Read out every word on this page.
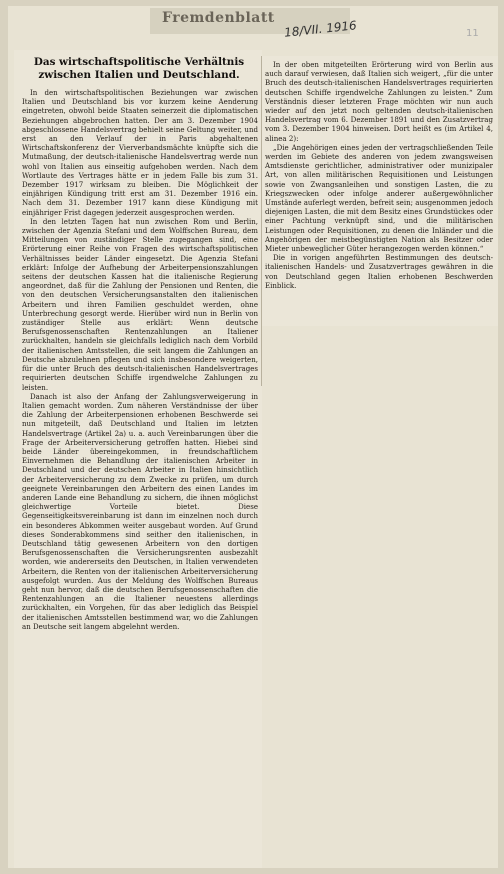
Fremdenblatt
18/VII. 1916	11
Das wirtschaftspolitische Verhältnis zwischen Italien und Deutschland.

In den wirtschaftspolitischen Beziehungen war zwischen Italien und Deutschland bis vor kurzem keine Aenderung eingetreten, obwohl beide Staaten seinerzeit die diplomatischen Beziehungen abgebrochen hatten. Der am 3. Dezember 1904 abgeschlossene Handelsvertrag behielt seine Geltung weiter, und erst an den Verlauf der in Paris abgehaltenen Wirtschaftskonferenz der Vierverbandsmächte knüpfte sich die Mutmaßung, der deutsch-italienische Handelsvertrag werde nun wohl von Italien aus einseitig aufgehoben werden. Nach dem Wortlaute des Vertrages hätte er in jedem Falle bis zum 31. Dezember 1917 wirksam zu bleiben. Die Möglichkeit der einjährigen Kündigung tritt erst am 31. Dezember 1916 ein. Nach dem 31. Dezember 1917 kann diese Kündigung mit einjähriger Frist dagegen jederzeit ausgesprochen werden.

In den letzten Tagen hat nun zwischen Rom und Berlin, zwischen der Agenzia Stefani und dem Wolffschen Bureau, dem Mitteilungen von zuständiger Stelle zugegangen sind, eine Erörterung einer Reihe von Fragen des wirtschaftspolitischen Verhältnisses beider Länder eingesetzt. Die Agenzia Stefani erklärt: Infolge der Aufhebung der Arbeiterpensionszahlungen seitens der deutschen Kassen hat die italienische Regierung angeordnet, daß für die Zahlung der Pensionen und Renten, die von den deutschen Versicherungsanstalten den italienischen Arbeitern und ihren Familien geschuldet werden, ohne Unterbrechung gesorgt werde. Hierüber wird nun in Berlin von zuständiger Stelle aus erklärt: Wenn deutsche Berufsgenossenschaften Rentenzahlungen an Italiener zurückhalten, handeln sie gleichfalls lediglich nach dem Vorbild der italienischen Amtsstellen, die seit langem die Zahlungen an Deutsche abzulehnen pflegen und sich insbesondere weigerten, für die unter Bruch des deutsch-italienischen Handelsvertrages requirierten deutschen Schiffe irgendwelche Zahlungen zu leisten.

Danach ist also der Anfang der Zahlungsverweigerung in Italien gemacht worden. Zum näheren Verständnisse der über die Zahlung der Arbeiterpensionen erhobenen Beschwerde sei nun mitgeteilt, daß Deutschland und Italien im letzten Handelsvertrage (Artikel 2a) u. a. auch Vereinbarungen über die Frage der Arbeiterversicherung getroffen hatten. Hiebei sind beide Länder übereingekommen, in freundschaftlichem Einvernehmen die Behandlung der italienischen Arbeiter in Deutschland und der deutschen Arbeiter in Italien hinsichtlich der Arbeiterversicherung zu dem Zwecke zu prüfen, um durch geeignete Vereinbarungen den Arbeitern des einen Landes im anderen Lande eine Behandlung zu sichern, die ihnen möglichst gleichwertige Vorteile bietet. Diese Gegenseitigkeitsvereinbarung ist dann im einzelnen noch durch ein besonderes Abkommen weiter ausgebaut worden. Auf Grund dieses Sonderabkommens sind seither den italienischen, in Deutschland tätig gewesenen Arbeitern von den dortigen Berufsgenossenschaften die Versicherungsrenten ausbezahlt worden, wie andererseits den Deutschen, in Italien verwendeten Arbeitern, die Renten von der italienischen Arbeiterversicherung ausgefolgt wurden. Aus der Meldung des Wolffschen Bureaus geht nun hervor, daß die deutschen Berufsgenossenschaften die Rentenzahlungen an die Italiener neuestens allerdings zurückhalten, ein Vorgehen, für das aber lediglich das Beispiel der italienischen Amtsstellen bestimmend war, wo die Zahlungen an Deutsche seit langem abgelehnt werden.

In der oben mitgeteilten Erörterung wird von Berlin aus auch darauf verwiesen, daß Italien sich weigert, „für die unter Bruch des deutsch-italienischen Handelsvertrages requirierten deutschen Schiffe irgendwelche Zahlungen zu leisten.“ Zum Verständnis dieser letzteren Frage möchten wir nun auch wieder auf den jetzt noch geltenden deutsch-italienischen Handelsvertrag vom 6. Dezember 1891 und den Zusatzvertrag vom 3. Dezember 1904 hinweisen. Dort heißt es (im Artikel 4, alinea 2):

„Die Angehörigen eines jeden der vertragschließenden Teile werden im Gebiete des anderen von jedem zwangsweisen Amtsdienste gerichtlicher, administrativer oder munizipaler Art, von allen militärischen Requisitionen und Leistungen sowie von Zwangsanleihen und sonstigen Lasten, die zu Kriegszwecken oder infolge anderer außergewöhnlicher Umstände auferlegt werden, befreit sein; ausgenommen jedoch diejenigen Lasten, die mit dem Besitz eines Grundstückes oder einer Pachtung verknüpft sind, und die militärischen Leistungen oder Requisitionen, zu denen die Inländer und die Angehörigen der meistbegünstigten Nation als Besitzer oder Mieter unbeweglicher Güter herangezogen werden können.“

Die in vorigen angeführten Bestimmungen des deutsch-italienischen Handels- und Zusatzvertrages gewähren in die von Deutschland gegen Italien erhobenen Beschwerden Einblick.
